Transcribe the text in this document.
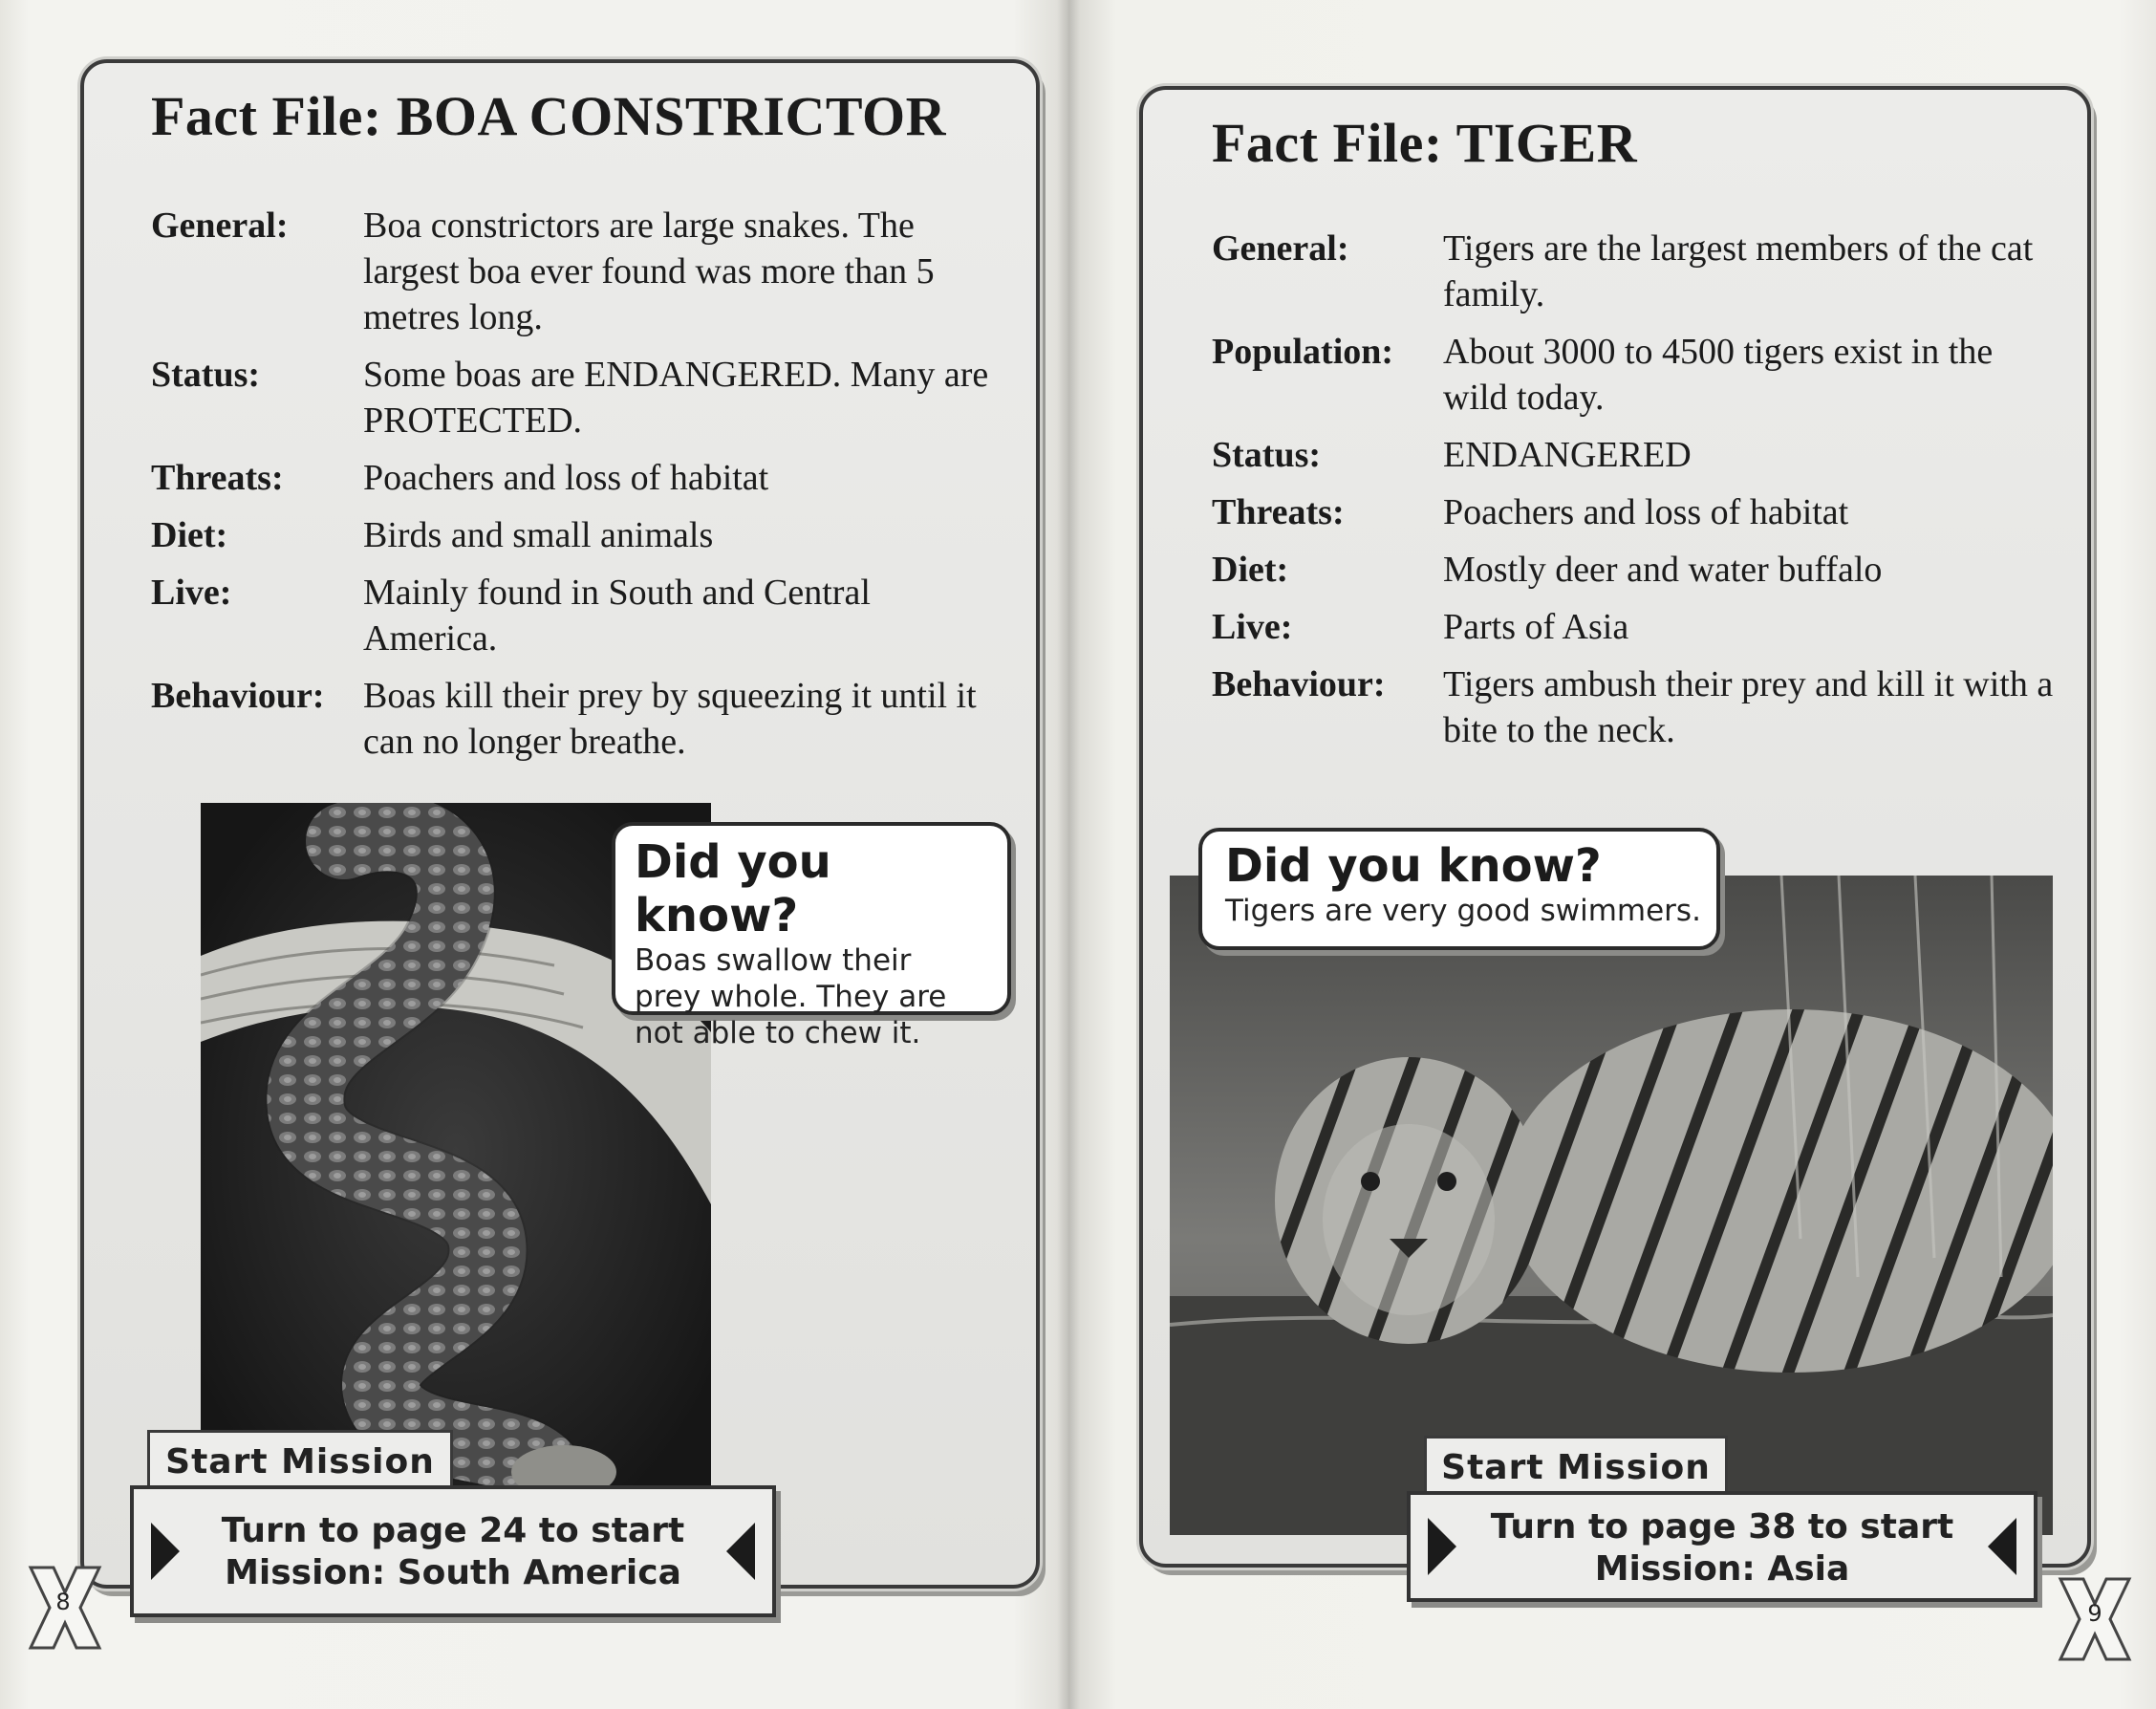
Fact File: BOA CONSTRICTOR
General:	Boa constrictors are large snakes. The largest boa ever found was more than 5 metres long.
Status:	Some boas are ENDANGERED. Many are PROTECTED.
Threats:	Poachers and loss of habitat
Diet:	Birds and small animals
Live:	Mainly found in South and Central America.
Behaviour:	Boas kill their prey by squeezing it until it can no longer breathe.
Did you know?
Boas swallow their
prey whole. They are
not able to chew it.
Start Mission
Turn to page 24 to start
Mission: South America
8
Fact File: TIGER
General:	Tigers are the largest members of the cat family.
Population:	About 3000 to 4500 tigers exist in the wild today.
Status:	ENDANGERED
Threats:	Poachers and loss of habitat
Diet:	Mostly deer and water buffalo
Live:	Parts of Asia
Behaviour:	Tigers ambush their prey and kill it with a bite to the neck.
Did you know?
Tigers are very good swimmers.
Start Mission
Turn to page 38 to start
Mission: Asia
9
